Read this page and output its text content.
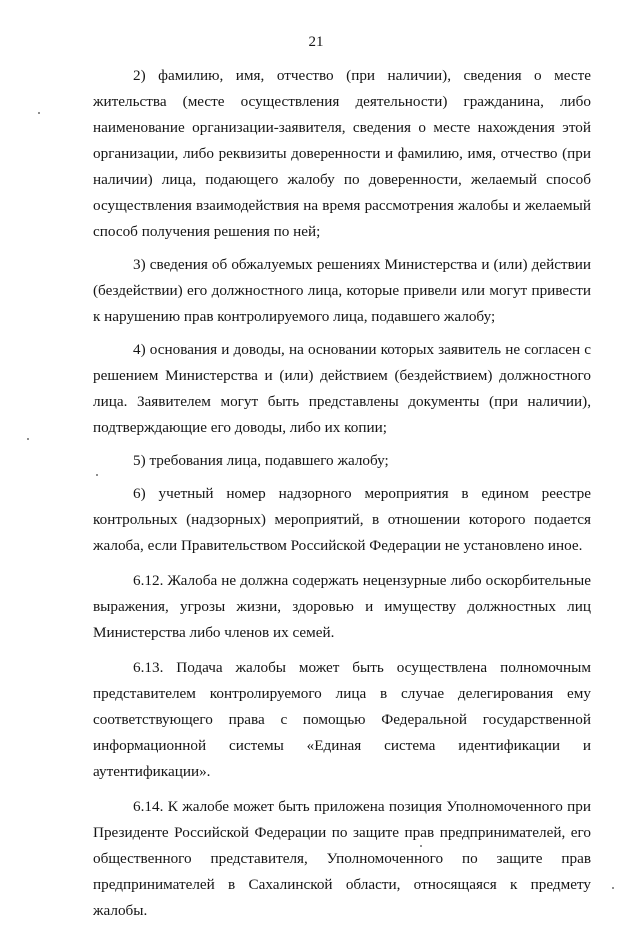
21

2) фамилию, имя, отчество (при наличии), сведения о месте жительства (месте осуществления деятельности) гражданина, либо наименование организации-заявителя, сведения о месте нахождения этой организации, либо реквизиты доверенности и фамилию, имя, отчество (при наличии) лица, подающего жалобу по доверенности, желаемый способ осуществления взаимодействия на время рассмотрения жалобы и желаемый способ получения решения по ней;

3) сведения об обжалуемых решениях Министерства и (или) действии (бездействии) его должностного лица, которые привели или могут привести к нарушению прав контролируемого лица, подавшего жалобу;

4) основания и доводы, на основании которых заявитель не согласен с решением Министерства и (или) действием (бездействием) должностного лица. Заявителем могут быть представлены документы (при наличии), подтверждающие его доводы, либо их копии;

5) требования лица, подавшего жалобу;

6) учетный номер надзорного мероприятия в едином реестре контрольных (надзорных) мероприятий, в отношении которого подается жалоба, если Правительством Российской Федерации не установлено иное.

6.12. Жалоба не должна содержать нецензурные либо оскорбительные выражения, угрозы жизни, здоровью и имуществу должностных лиц Министерства либо членов их семей.

6.13. Подача жалобы может быть осуществлена полномочным представителем контролируемого лица в случае делегирования ему соответствующего права с помощью Федеральной государственной информационной системы «Единая система идентификации и аутентификации».

6.14. К жалобе может быть приложена позиция Уполномоченного при Президенте Российской Федерации по защите прав предпринимателей, его общественного представителя, Уполномоченного по защите прав предпринимателей в Сахалинской области, относящаяся к предмету жалобы.
